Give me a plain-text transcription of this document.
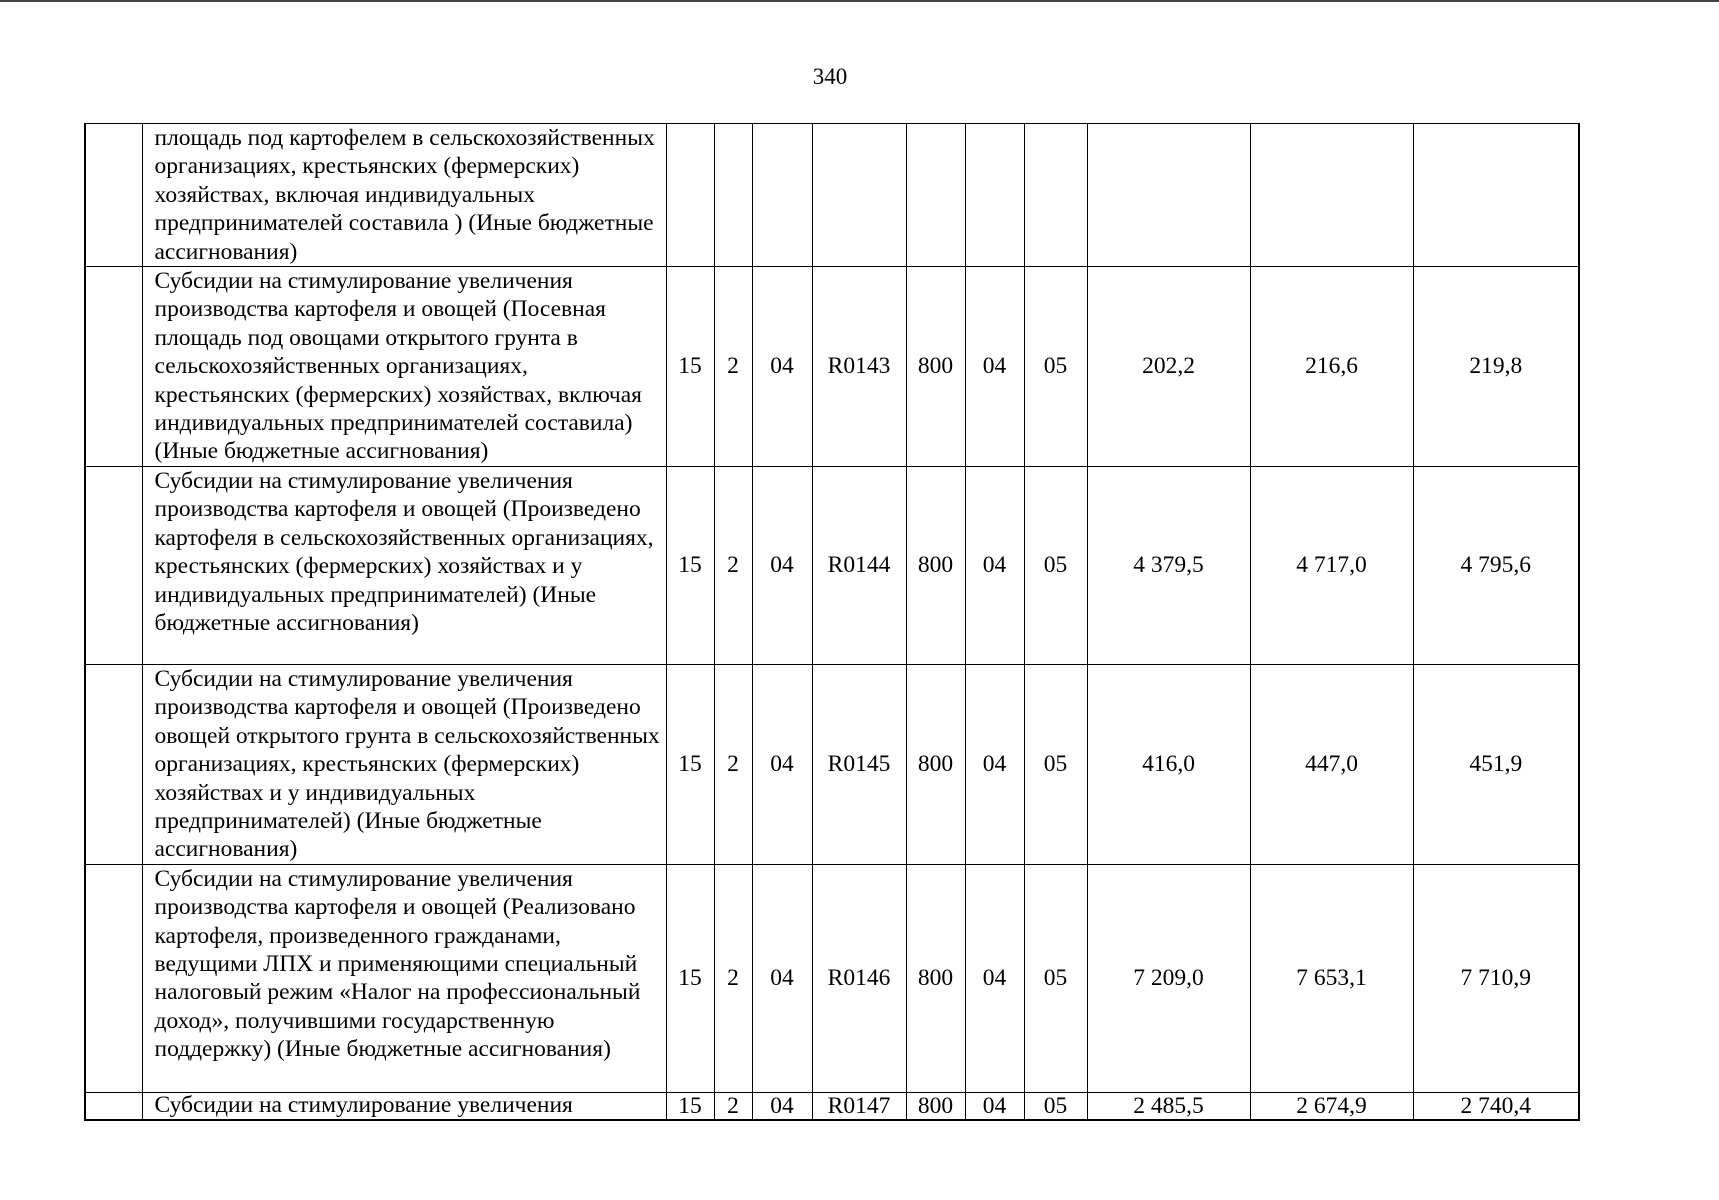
340
	площадь под картофелем в сельскохозяйственных организациях, крестьянских (фермерских) хозяйствах, включая индивидуальных предпринимателей составила ) (Иные бюджетные ассигнования)										
	Субсидии на стимулирование увеличения производства картофеля и овощей (Посевная площадь под овощами открытого грунта в сельскохозяйственных организациях, крестьянских (фермерских) хозяйствах, включая индивидуальных предпринимателей составила) (Иные бюджетные ассигнования)	15	2	04	R0143	800	04	05	202,2	216,6	219,8
	Субсидии на стимулирование увеличения производства картофеля и овощей (Произведено картофеля в сельскохозяйственных организациях, крестьянских (фермерских) хозяйствах и у индивидуальных предпринимателей) (Иные бюджетные ассигнования)	15	2	04	R0144	800	04	05	4 379,5	4 717,0	4 795,6
	Субсидии на стимулирование увеличения производства картофеля и овощей (Произведено овощей открытого грунта в сельскохозяйственных организациях, крестьянских (фермерских) хозяйствах и у индивидуальных предпринимателей) (Иные бюджетные ассигнования)	15	2	04	R0145	800	04	05	416,0	447,0	451,9
	Субсидии на стимулирование увеличения производства картофеля и овощей (Реализовано картофеля, произведенного гражданами, ведущими ЛПХ и применяющими специальный налоговый режим «Налог на профессиональный доход», получившими государственную поддержку) (Иные бюджетные ассигнования)	15	2	04	R0146	800	04	05	7 209,0	7 653,1	7 710,9
	Субсидии на стимулирование увеличения	15	2	04	R0147	800	04	05	2 485,5	2 674,9	2 740,4
